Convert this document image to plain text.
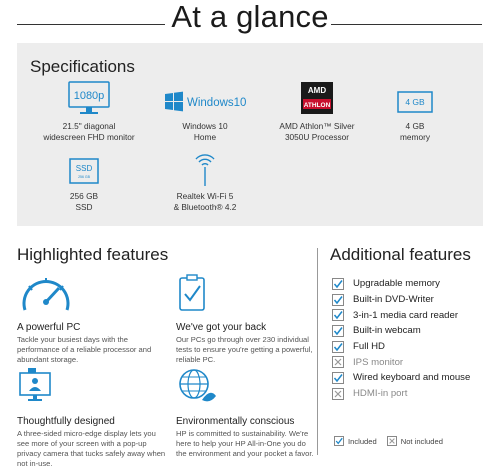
At a glance
Specifications
1080p
21.5" diagonal
widescreen FHD monitor
Windows10
Windows 10
Home
AMD
ATHLON
AMD Athlon™ Silver
3050U Processor
4 GB
4 GB
memory
SSD
256 GB
256 GB
SSD
Realtek Wi-Fi 5
& Bluetooth® 4.2
Highlighted features
A powerful PC
Tackle your busiest days with the performance of a reliable processor and abundant storage.
We've got your back
Our PCs go through over 230 individual tests to ensure you're getting a powerful, reliable PC.
Thoughtfully designed
A three-sided micro-edge display lets you see more of your screen with a pop-up privacy camera that tucks safely away when not in-use.
Environmentally conscious
HP is committed to sustainability. We're here to help your HP All-in-One you do the environment and your pocket a favor.
Additional features
Upgradable memory
Built-in DVD-Writer
3-in-1 media card reader
Built-in webcam
Full HD
IPS monitor
Wired keyboard and mouse
HDMI-in port
Included	Not included
